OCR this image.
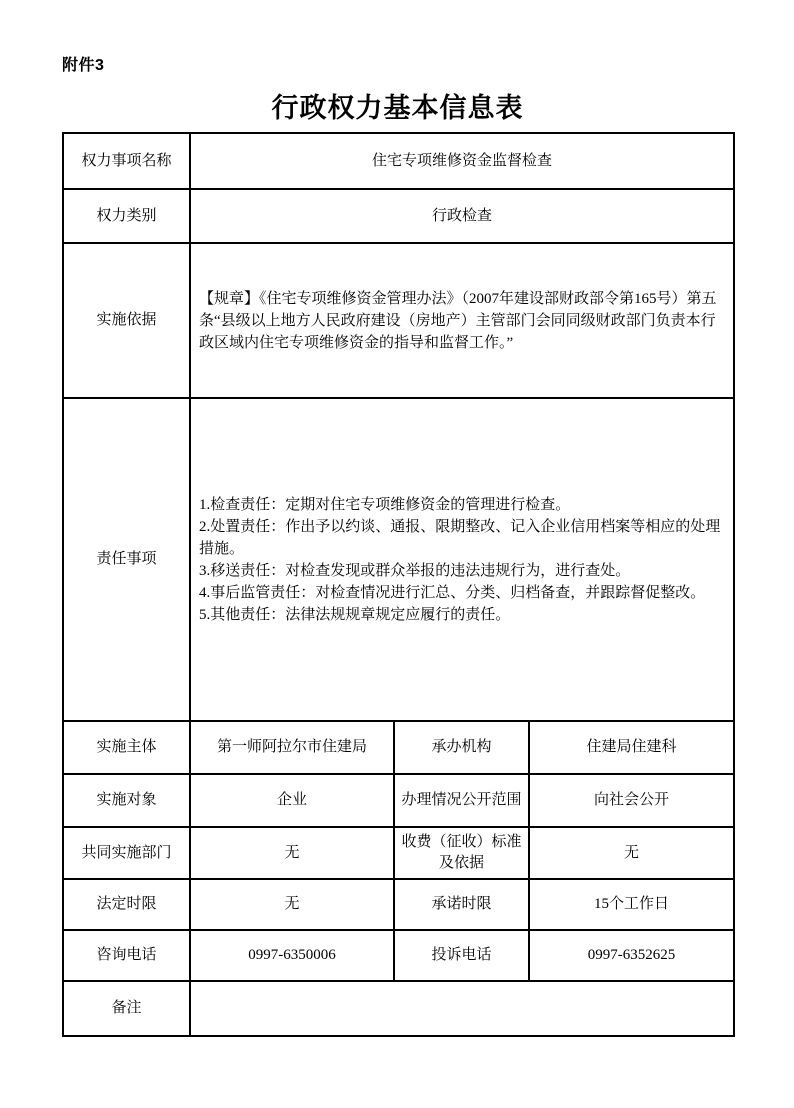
附件3
行政权力基本信息表
权力事项名称	住宅专项维修资金监督检查		
权力类别	行政检查		
实施依据	【规章】《住宅专项维修资金管理办法》（2007年建设部财政部令第165号）第五条“县级以上地方人民政府建设（房地产）主管部门会同同级财政部门负责本行政区域内住宅专项维修资金的指导和监督工作。”		
责任事项	1.检查责任：定期对住宅专项维修资金的管理进行检查。

2.处置责任：作出予以约谈、通报、限期整改、记入企业信用档案等相应的处理措施。

3.移送责任：对检查发现或群众举报的违法违规行为，进行查处。

4.事后监管责任：对检查情况进行汇总、分类、归档备查，并跟踪督促整改。

5.其他责任：法律法规规章规定应履行的责任。		

实施主体	第一师阿拉尔市住建局	承办机构	住建局住建科
实施对象	企业	办理情况公开范围	向社会公开
共同实施部门	无	收费（征收）标准及依据	无
法定时限	无	承诺时限	15个工作日
咨询电话	0997-6350006	投诉电话	0997-6352625
备注			
